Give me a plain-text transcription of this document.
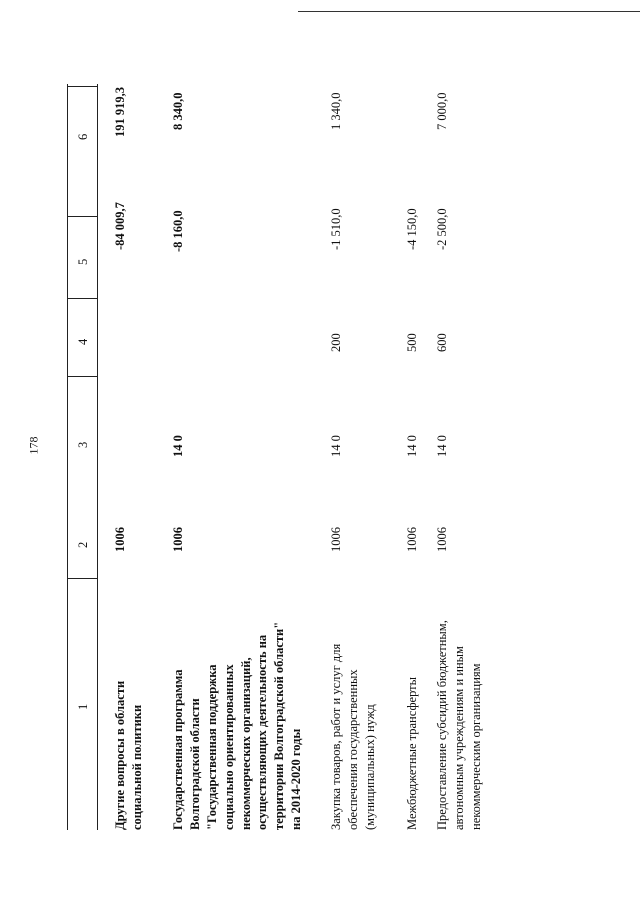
178
1
2
3
4
5
6
Другие вопросы в области социальной политики
1006
-84 009,7
191 919,3
Государственная программа Волгоградской области "Государственная поддержка социально ориентированных некоммерческих организаций, осуществляющих деятельность на территории Волгоградской области" на 2014-2020 годы
1006
14 0
-8 160,0
8 340,0
Закупка товаров, работ и услуг для обеспечения государственных (муниципальных) нужд
1006
14 0
200
-1 510,0
1 340,0
Межбюджетные трансферты
1006
14 0
500
-4 150,0
Предоставление субсидий бюджетным, автономным учреждениям и иным некоммерческим организациям
1006
14 0
600
-2 500,0
7 000,0
